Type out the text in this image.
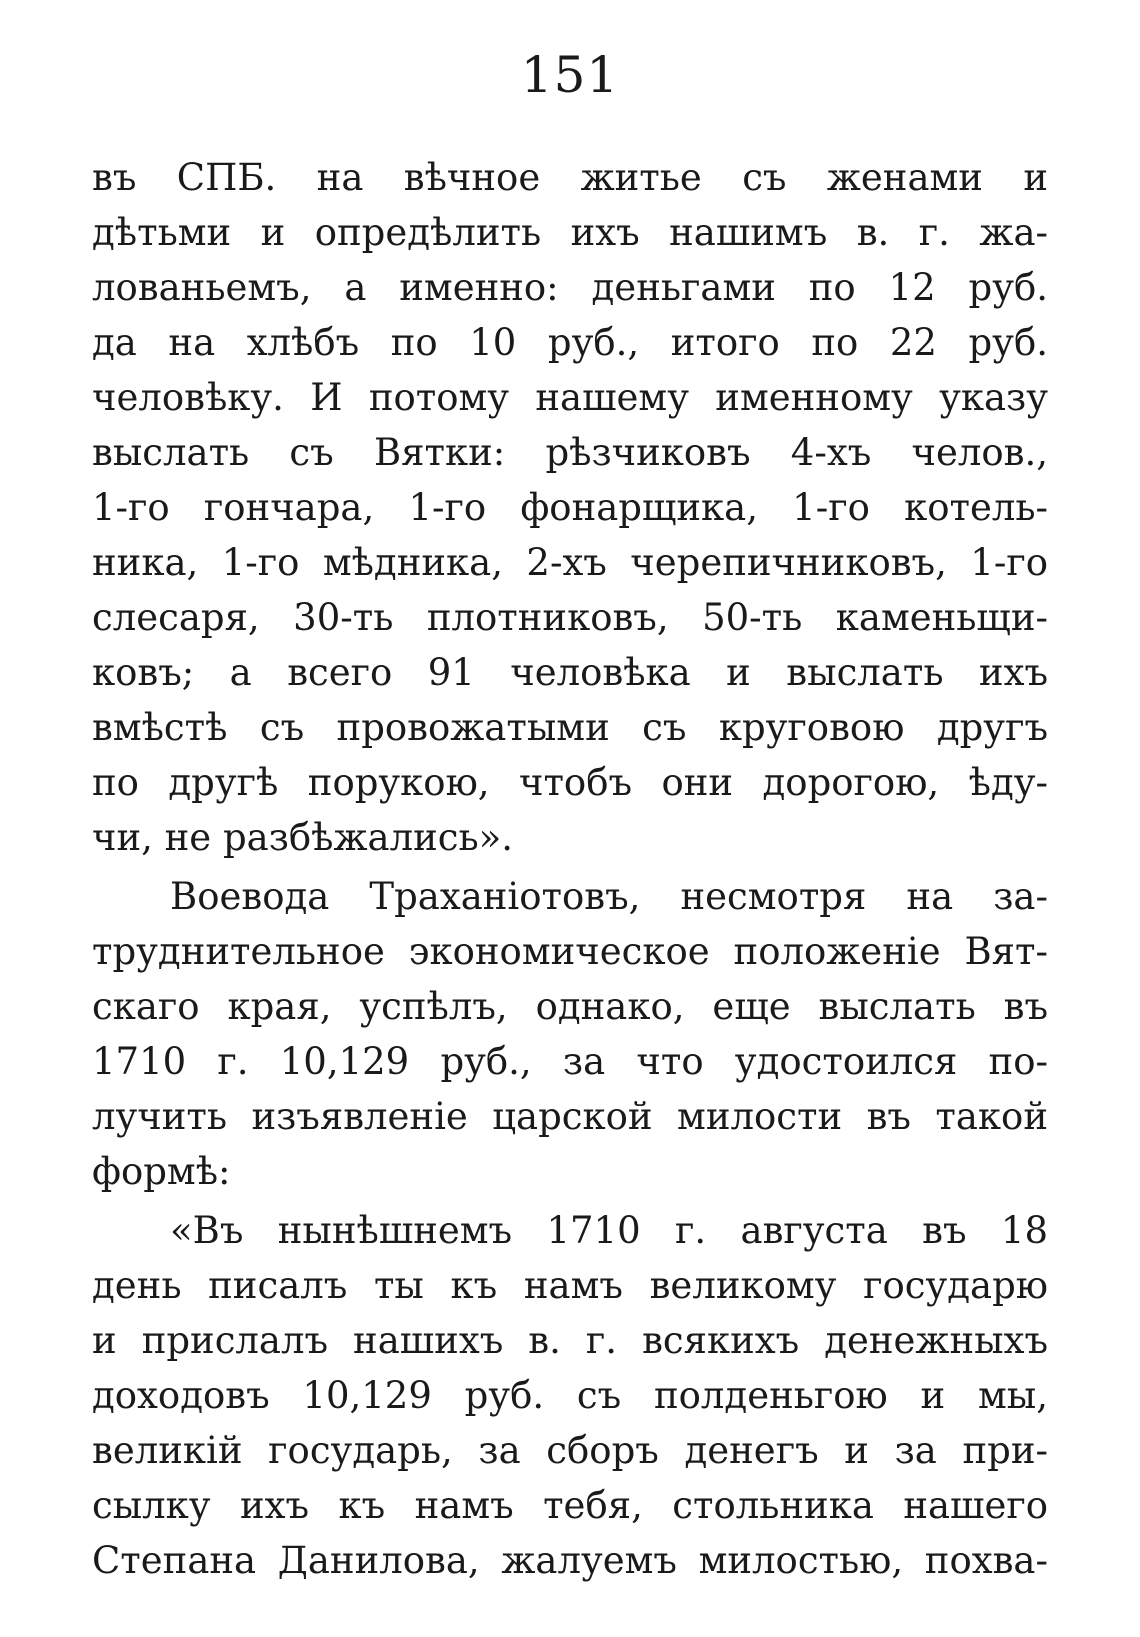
151
въ СПБ. на вѣчное житье съ женами и
дѣтьми и опредѣлить ихъ нашимъ в. г. жа-
лованьемъ, а именно: деньгами по 12 руб.
да на хлѣбъ по 10 руб., итого по 22 руб.
человѣку. И потому нашему именному указу
выслать съ Вятки: рѣзчиковъ 4-хъ челов.,
1-го гончара, 1-го фонарщика, 1-го котель-
ника, 1-го мѣдника, 2-хъ черепичниковъ, 1-го
слесаря, 30-ть плотниковъ, 50-ть каменьщи-
ковъ; а всего 91 человѣка и выслать ихъ
вмѣстѣ съ провожатыми съ круговою другъ
по другѣ порукою, чтобъ они дорогою, ѣду-
чи, не разбѣжались».
Воевода Траханіотовъ, несмотря на за-
труднительное экономическое положеніе Вят-
скаго края, успѣлъ, однако, еще выслать въ
1710 г. 10,129 руб., за что удостоился по-
лучить изъявленіе царской милости въ такой
формѣ:
«Въ нынѣшнемъ 1710 г. августа въ 18
день писалъ ты къ намъ великому государю
и прислалъ нашихъ в. г. всякихъ денежныхъ
доходовъ 10,129 руб. съ полденьгою и мы,
великій государь, за сборъ денегъ и за при-
сылку ихъ къ намъ тебя, стольника нашего
Степана Данилова, жалуемъ милостью, похва-
